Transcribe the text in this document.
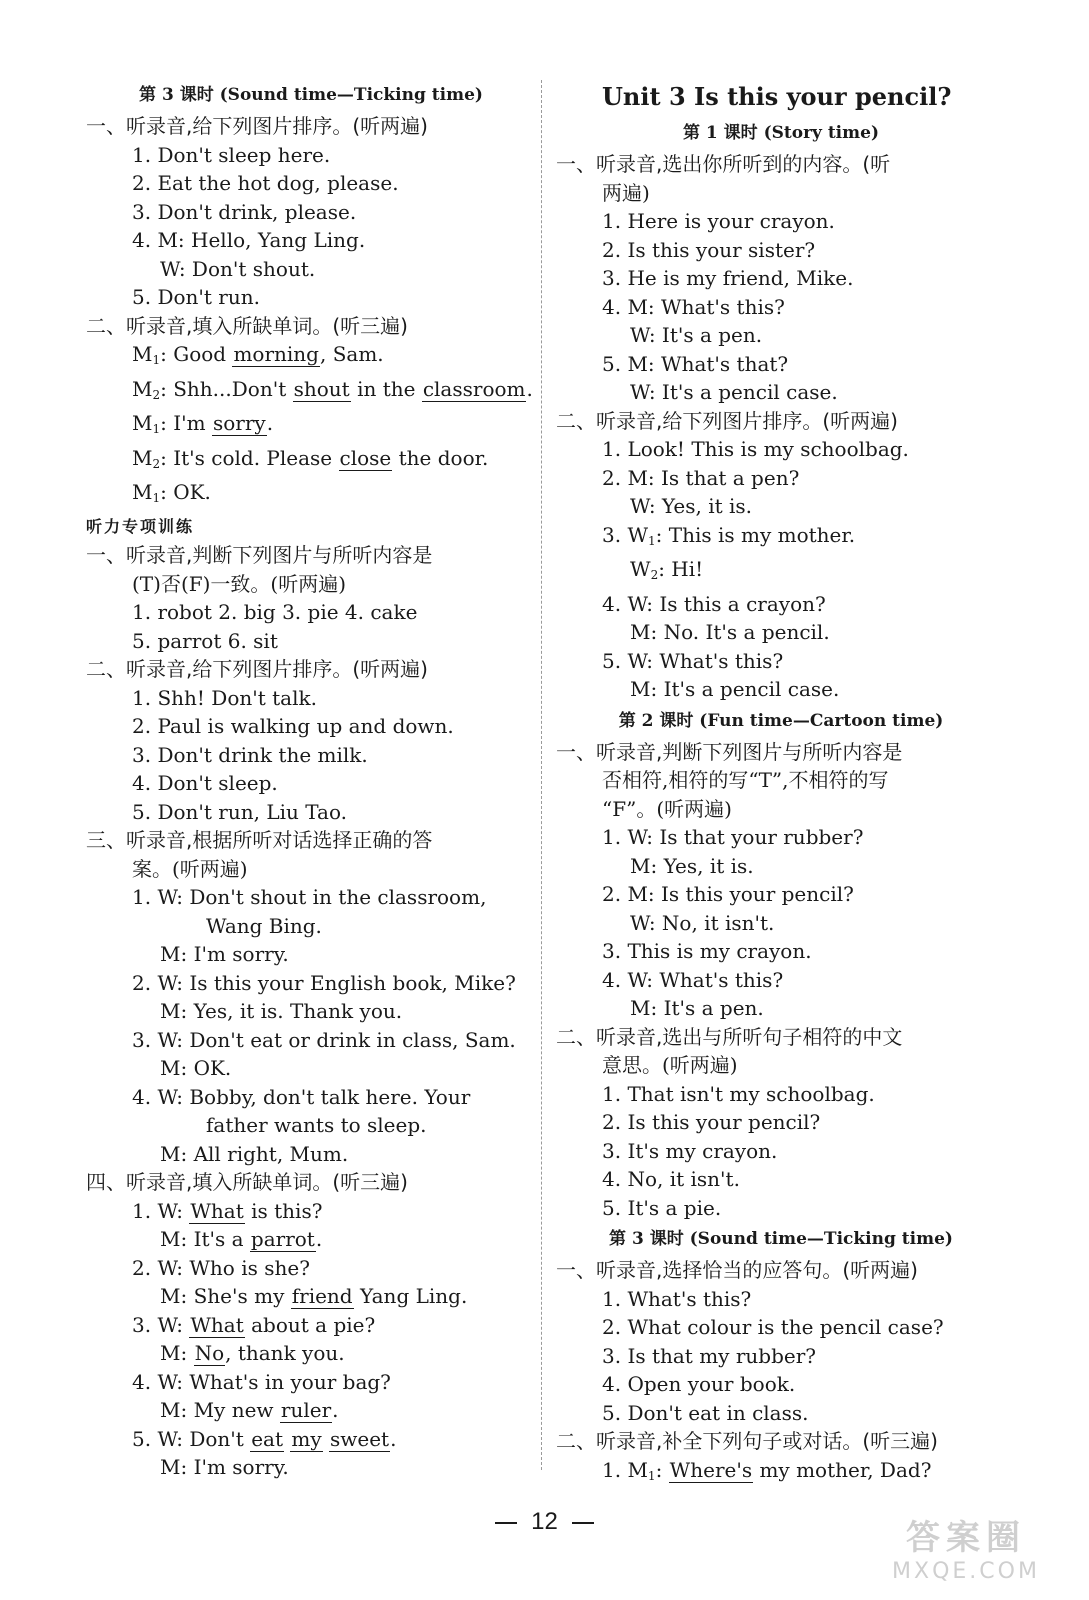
第 3 课时 (Sound time—Ticking time)
一、听录音,给下列图片排序。(听两遍)
1. Don't sleep here.
2. Eat the hot dog, please.
3. Don't drink, please.
4. M: Hello, Yang Ling.
W: Don't shout.
5. Don't run.
二、听录音,填入所缺单词。(听三遍)
$M_1$: Good morning, Sam.
$M_2$: Shh...Don't shout in the classroom.
$M_1$: I'm sorry.
$M_2$: It's cold. Please close the door.
$M_1$: OK.
听力专项训练
一、听录音,判断下列图片与所听内容是
(T)否(F)一致。(听两遍)
1. robot 2. big 3. pie 4. cake
5. parrot 6. sit
二、听录音,给下列图片排序。(听两遍)
1. Shh! Don't talk.
2. Paul is walking up and down.
3. Don't drink the milk.
4. Don't sleep.
5. Don't run, Liu Tao.
三、听录音,根据所听对话选择正确的答
案。(听两遍)
1. W: Don't shout in the classroom,
Wang Bing.
M: I'm sorry.
2. W: Is this your English book, Mike?
M: Yes, it is. Thank you.
3. W: Don't eat or drink in class, Sam.
M: OK.
4. W: Bobby, don't talk here. Your
father wants to sleep.
M: All right, Mum.
四、听录音,填入所缺单词。(听三遍)
1. W: What is this?
M: It's a parrot.
2. W: Who is she?
M: She's my friend Yang Ling.
3. W: What about a pie?
M: No, thank you.
4. W: What's in your bag?
M: My new ruler.
5. W: Don't eat my sweet.
M: I'm sorry.
Unit 3 Is this your pencil?
第 1 课时 (Story time)
一、听录音,选出你所听到的内容。(听
两遍)
1. Here is your crayon.
2. Is this your sister?
3. He is my friend, Mike.
4. M: What's this?
W: It's a pen.
5. M: What's that?
W: It's a pencil case.
二、听录音,给下列图片排序。(听两遍)
1. Look! This is my schoolbag.
2. M: Is that a pen?
W: Yes, it is.
3. $W_1$: This is my mother.
$W_2$: Hi!
4. W: Is this a crayon?
M: No. It's a pencil.
5. W: What's this?
M: It's a pencil case.
第 2 课时 (Fun time—Cartoon time)
一、听录音,判断下列图片与所听内容是
否相符,相符的写“T”,不相符的写
“F”。(听两遍)
1. W: Is that your rubber?
M: Yes, it is.
2. M: Is this your pencil?
W: No, it isn't.
3. This is my crayon.
4. W: What's this?
M: It's a pen.
二、听录音,选出与所听句子相符的中文
意思。(听两遍)
1. That isn't my schoolbag.
2. Is this your pencil?
3. It's my crayon.
4. No, it isn't.
5. It's a pie.
第 3 课时 (Sound time—Ticking time)
一、听录音,选择恰当的应答句。(听两遍)
1. What's this?
2. What colour is the pencil case?
3. Is that my rubber?
4. Open your book.
5. Don't eat in class.
二、听录音,补全下列句子或对话。(听三遍)
1. $M_1$: Where's my mother, Dad?
12	答案圈
MXQE.COM
